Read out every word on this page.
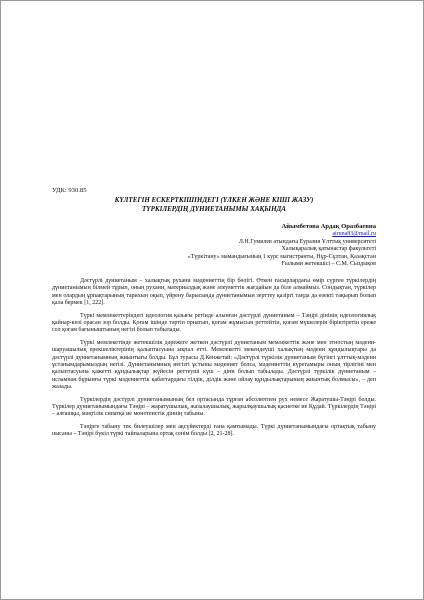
УДК: 930.85

КҮЛТЕГІН ЕСКЕРТКІШІНДЕГІ (ҮЛКЕН ЖӘНЕ КІШІ ЖАЗУ)

ТҮРКІЛЕРДІҢ ДҮНИЕТАНЫМЫ ХАҚЫНДА

Айымбетова Ардақ Оразбаевна

airuna83@mail.ru

Л.Н.Гумилев атындағы Еуразия Ұлттық университеті

Халықаралық қатынастар факультеті

«Түркітану» мамандығының 1 курс магистранты, Нұр-Сұлтан, Қазақстан

Ғылыми жетекшісі – С.М. Сыздықов

Дәстүрлі дүниетаным – халықтық рухани мәдениеттің бір бөлігі. Өткен ғасырлардағы өмір сүрген түркілердің дүниетанымын білмей тұрып, оның рухани, материалдық және әлеуметтік жағдайын да біле алмаймыз. Сондықтан, түркілер мен олардың ұрпақтарының тарихын оқып, үйрену барысында дүниетанымын зерттеу қазіргі таңда да өзекті тақырып болып қала бермек [1, 222].

Түркі мемлекеттеріндегі идеология қазығы ретінде алынған дәстүрлі дүниетаным – Тәңірі дінінің идеологиялық қайнар-көзі орасан зор болды. Қоғам ішінде тәртіп орнатып, қоғам жұмысын реттейтін, қоғам мүшелерін біріктіретін ереже сол қоғам бағыныштының негізі болып табылады.

Түркі мемлекетінде жетекшілік дәрежеге жеткен дәстүрлі дүниетаным мемлекеттік және мен этностың мәдени-шаруашылық ерекшеліктерінің қалыптасуына ықпал етті. Мемлекеттi мекендеушi халықтың мәдени құндылықтары да дәстүрлі дүниетанымның жиынтығы болды. Бұл турасы Д.Кенжетай: «Дәстүрлі түркілік дүниетаным бүгінгі ұлттық-мәдени ұстанымдарымыздың негізі. Дүниетанымның негізгі ұстыны мәдениет болса, мәдениеттің күретамыры оның тірлігіні мен қалыптасуына қажетті құндылықтар жүйесін реттеуші күш – діни болып табылады. Дәстүрлі түркілік дүниетаным – исламнан бұрынғы түркі мәдениеттік қабаттардағы тілдік, ділдік және ойлау құндылықтарының жиынтық болмысы», – деп жазады.

Түркілердің дәстүрлі дүниетанымының бел ортасында тұрған абсолютпен рух немесе Жаратушы-Тәңірі болды. Түркілер дүниетанымындағы Тәңірі – жаратушылық, жазалаушылық, жарылқаушылық қасиетке ие Құдай. Түркілердің Тәңірі – алғашқы, мәңгілік сипатқа ие монотеистік діннің табыны.

Тәңірге табыну тек билеушілер мен ақсүйектерді ғана қамтымады. Түркі дүниетанымындағы ортақтық табыну нысаны – Тәңірі бүкіл түркі тайпаларына ортақ сенім болды [2, 21-28].
